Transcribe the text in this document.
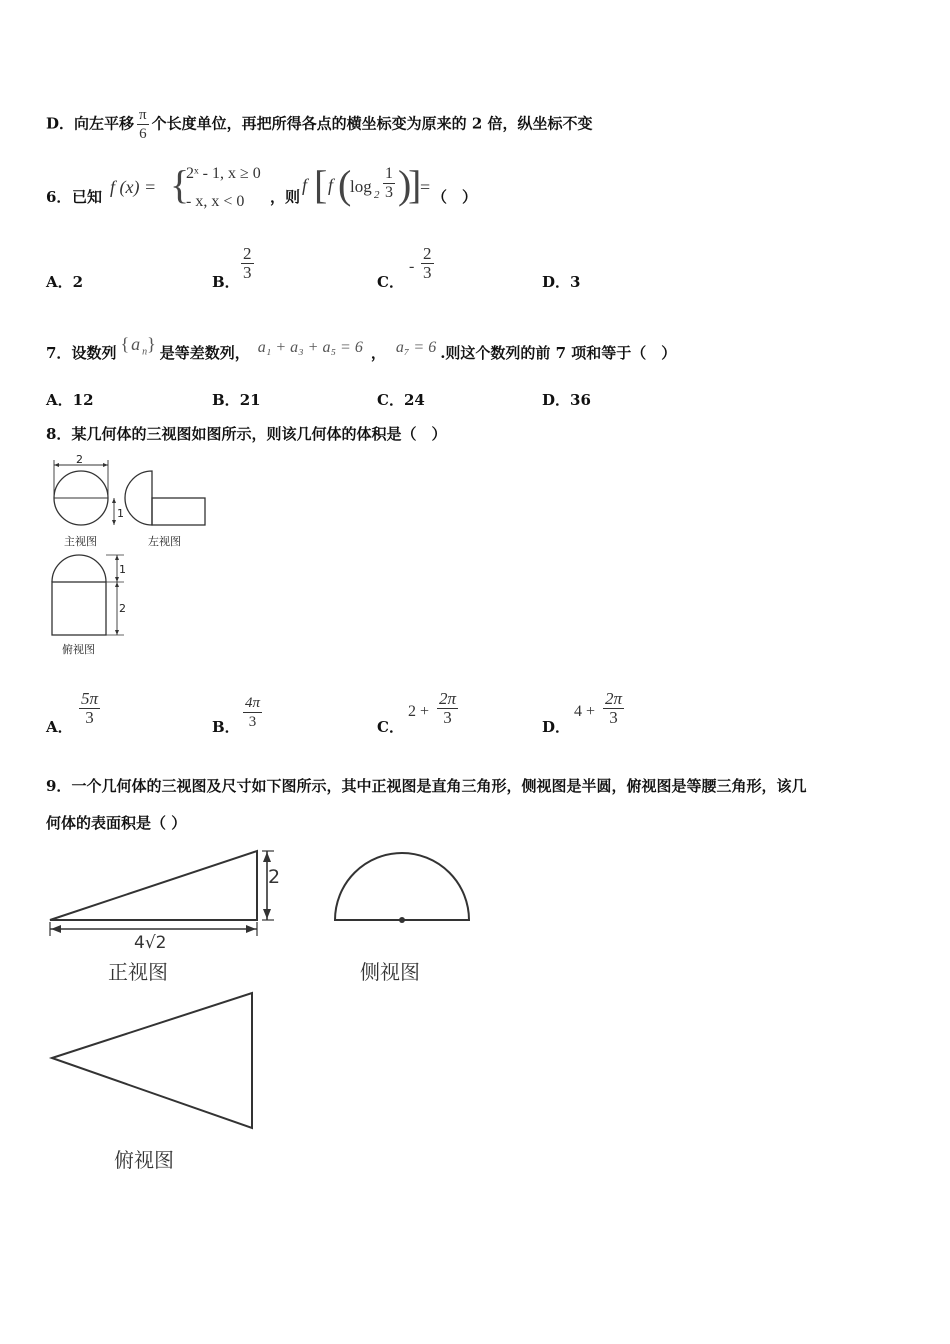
D．向左平移 $\frac{\pi}{6}$ 个长度单位，再把所得各点的横坐标变为原来的 2 倍，纵坐标不变
6． 已知 f (x) = {
2ˣ - 1, x ≥ 0
- x, x < 0 ，则
f [ f (
$\log 2 \frac{1}{3}$ )
]
= （　）
A．2	B． $\frac{2}{3}$	C．
- $\frac{2}{3}$	D．3
7．设数列 { a $_n$} 是等差数列， a₁ + a₃ + a₅ = 6 ， a₇ = 6 .则这个数列的前 7 项和等于（　）
A．12	B．21	C．24	D．36
8．某几何体的三视图如图所示，则该几何体的体积是（　）
2
1
主视图	左视图
1
2
俯视图
A． $\frac{5\pi}{3}$	B． $\frac{4\pi}{3}$	C．
$2 + \frac{2\pi}{3}$	D．
$4 + \frac{2\pi}{3}$
9．一个几何体的三视图及尺寸如下图所示，其中正视图是直角三角形，侧视图是半圆，俯视图是等腰三角形，该几
何体的表面积是（ ）
2
4√2
正视图	侧视图
俯视图
